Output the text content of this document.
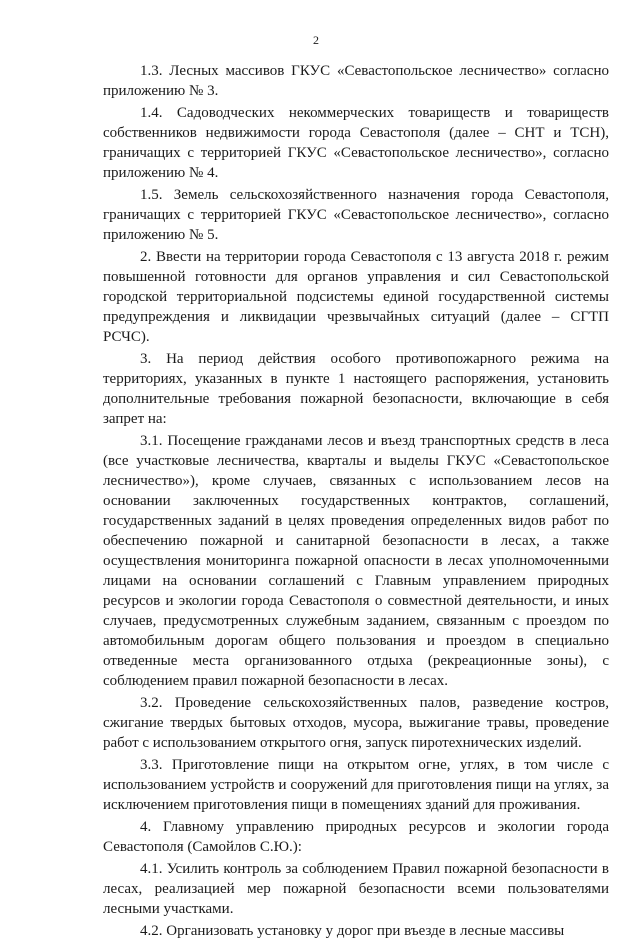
2

1.3. Лесных массивов ГКУС «Севастопольское лесничество» согласно приложению № 3.

1.4. Садоводческих некоммерческих товариществ и товариществ собственников недвижимости города Севастополя (далее – СНТ и ТСН), граничащих с территорией ГКУС «Севастопольское лесничество», согласно приложению № 4.

1.5. Земель сельскохозяйственного назначения города Севастополя, граничащих с территорией ГКУС «Севастопольское лесничество», согласно приложению № 5.

2. Ввести на территории города Севастополя с 13 августа 2018 г. режим повышенной готовности для органов управления и сил Севастопольской городской территориальной подсистемы единой государственной системы предупреждения и ликвидации чрезвычайных ситуаций (далее – СГТП РСЧС).

3. На период действия особого противопожарного режима на территориях, указанных в пункте 1 настоящего распоряжения, установить дополнительные требования пожарной безопасности, включающие в себя запрет на:

3.1. Посещение гражданами лесов и въезд транспортных средств в леса (все участковые лесничества, кварталы и выделы ГКУС «Севастопольское лесничество»), кроме случаев, связанных с использованием лесов на основании заключенных государственных контрактов, соглашений, государственных заданий в целях проведения определенных видов работ по обеспечению пожарной и санитарной безопасности в лесах, а также осуществления мониторинга пожарной опасности в лесах уполномоченными лицами на основании соглашений с Главным управлением природных ресурсов и экологии города Севастополя о совместной деятельности, и иных случаев, предусмотренных служебным заданием, связанным с проездом по автомобильным дорогам общего пользования и проездом в специально отведенные места организованного отдыха (рекреационные зоны), с соблюдением правил пожарной безопасности в лесах.

3.2. Проведение сельскохозяйственных палов, разведение костров, сжигание твердых бытовых отходов, мусора, выжигание травы, проведение работ с использованием открытого огня, запуск пиротехнических изделий.

3.3. Приготовление пищи на открытом огне, углях, в том числе с использованием устройств и сооружений для приготовления пищи на углях, за исключением приготовления пищи в помещениях зданий для проживания.

4. Главному управлению природных ресурсов и экологии города Севастополя (Самойлов С.Ю.):

4.1. Усилить контроль за соблюдением Правил пожарной безопасности в лесах, реализацией мер пожарной безопасности всеми пользователями лесными участками.

4.2. Организовать установку у дорог при въезде в лесные массивы
